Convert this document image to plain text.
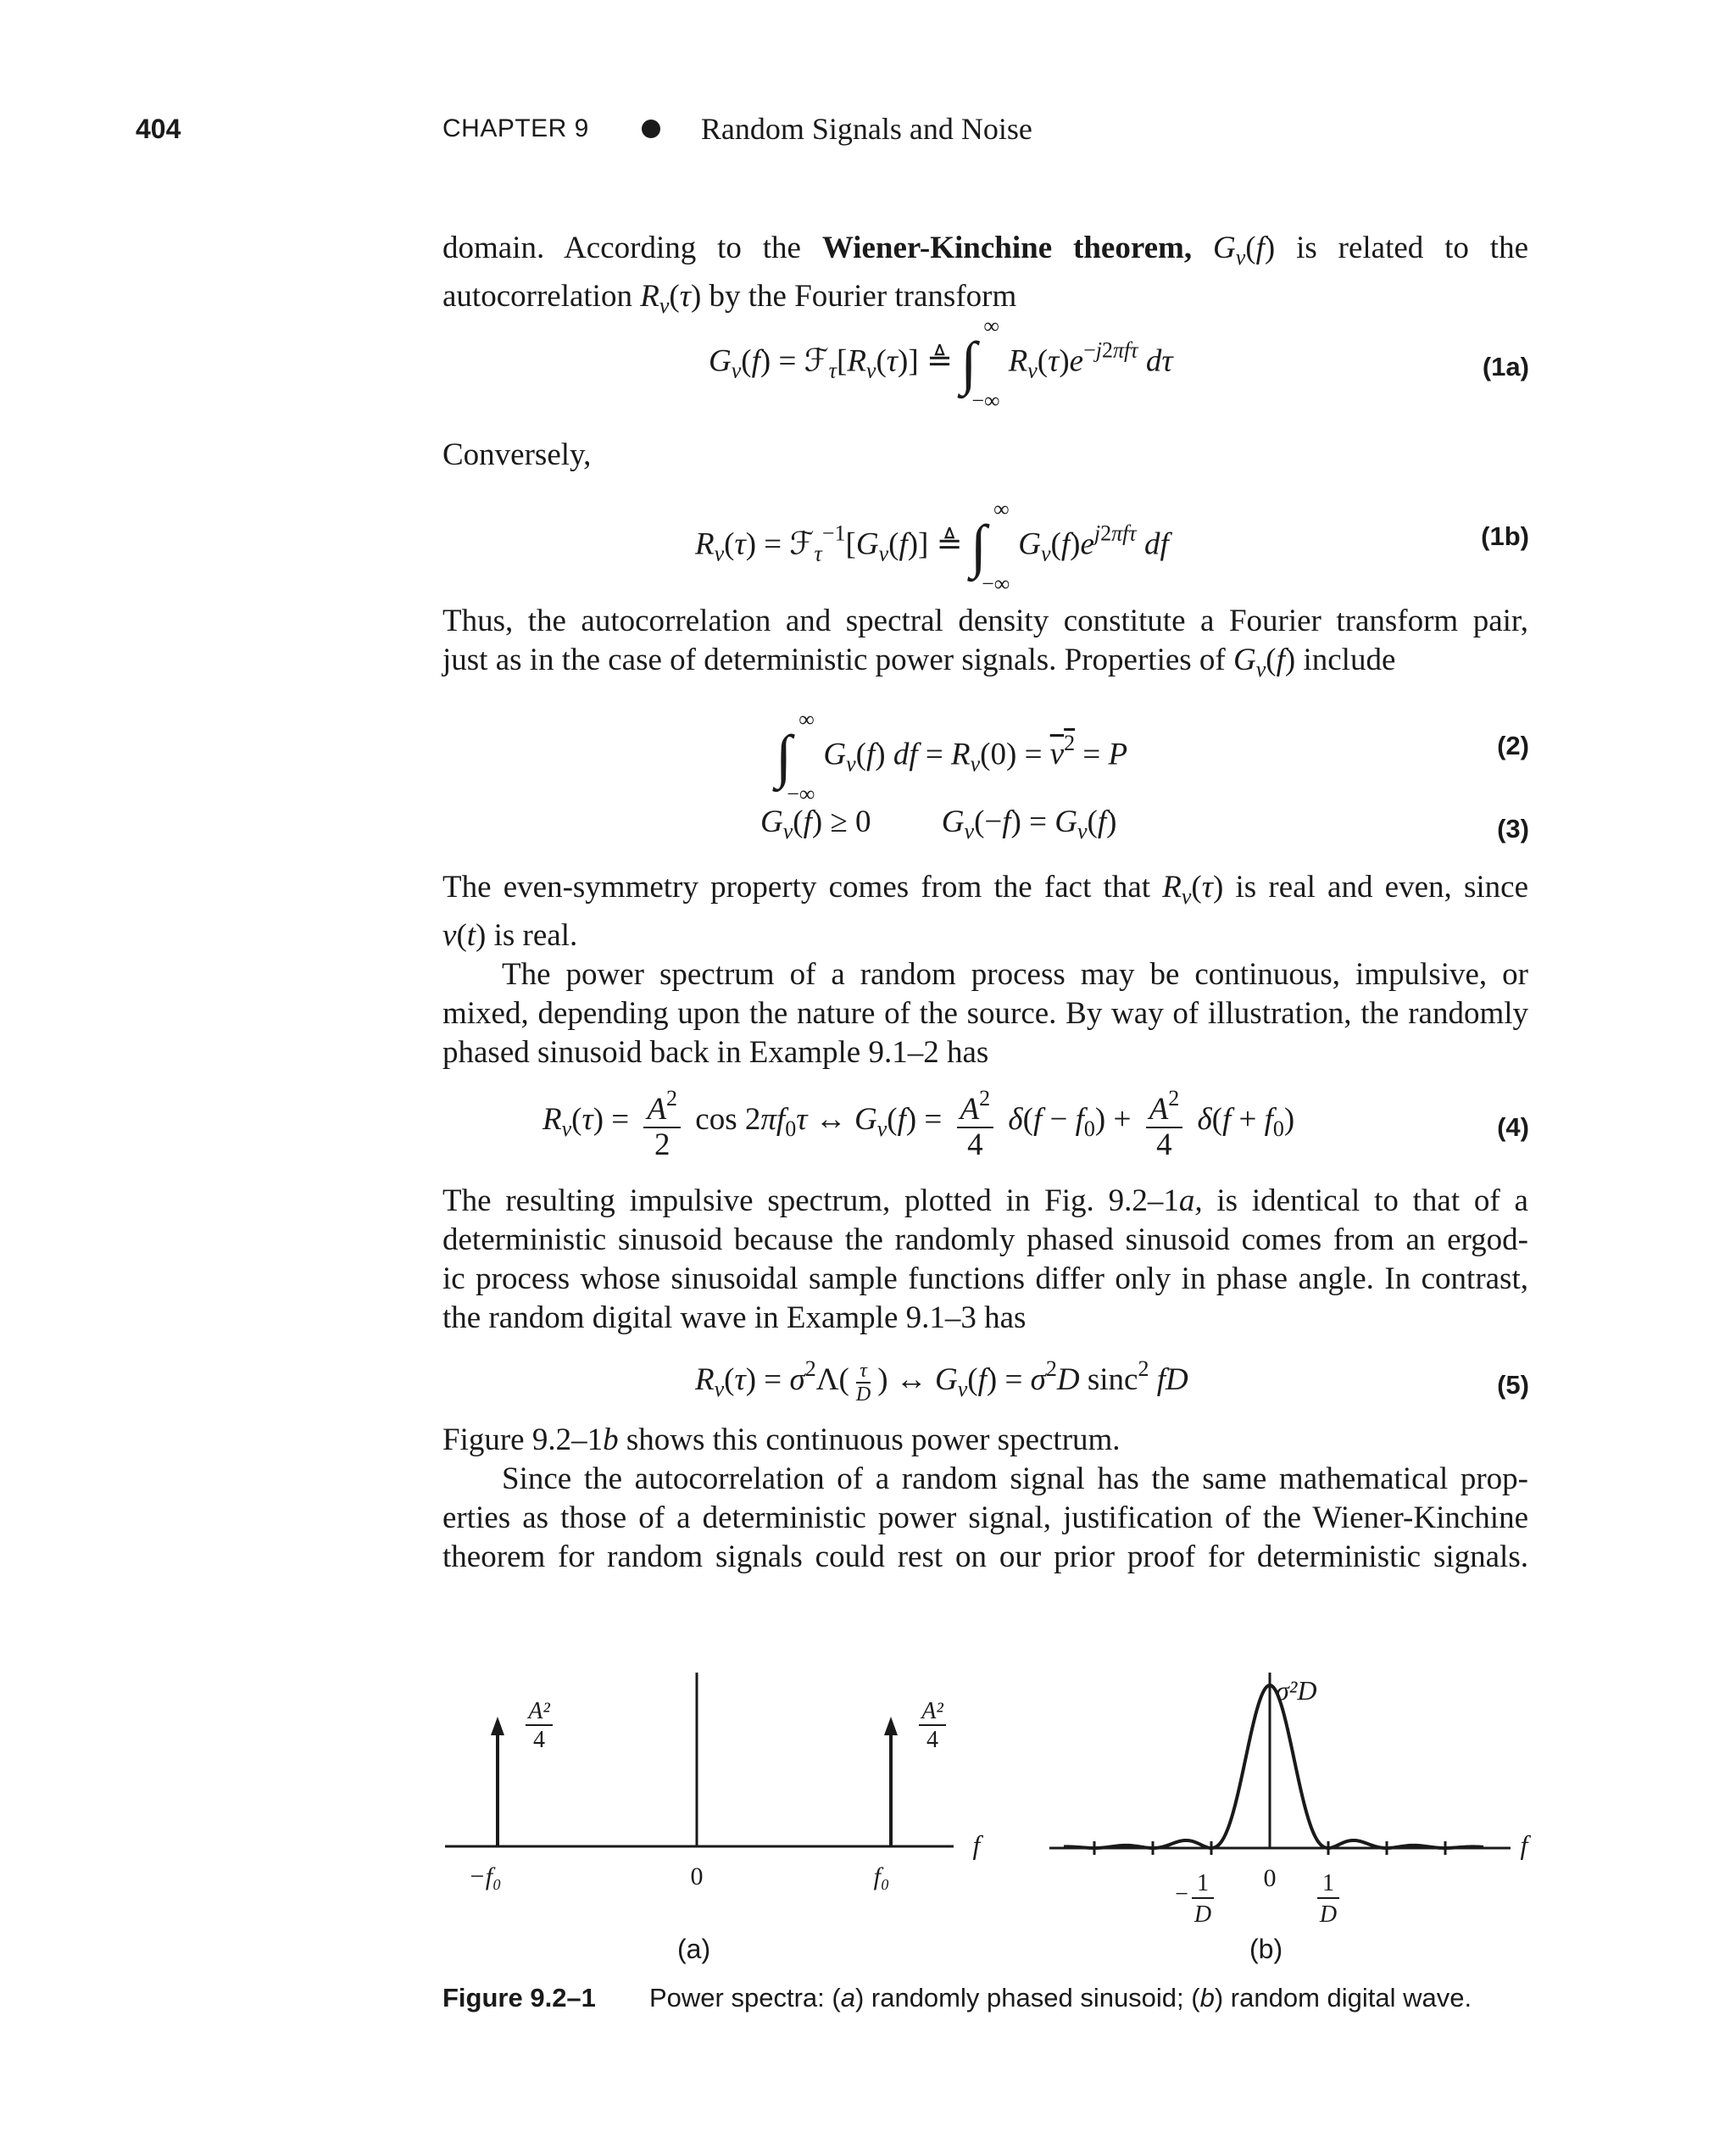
404	CHAPTER 9	Random Signals and Noise
domain. According to the Wiener-Kinchine theorem, $G_v(f)$ is related to the
autocorrelation $R_v(\tau)$ by the Fourier transform
$G_v(f)$ = $ℱ_\tau[R_v(\tau)]$ ≜ ∫
∞
−∞
$R_v(\tau)e^{-j2\pi f\tau}$ dτ	(1a)
Conversely,
$R_v(\tau)$ = $ℱ_\tau^{-1}[G_v(f)]$ ≜ ∫
∞
−∞
$G_v(f)e^{j2\pi f\tau}$ df	(1b)
Thus, the autocorrelation and spectral density constitute a Fourier transform pair,
just as in the case of deterministic power signals. Properties of $G_v(f)$ include
∫
∞
−∞
$G_v(f)$ df = $R_v(0) = v^2 = P$	(2)
$G_v(f) \ge 0$         $G_v(-f) = G_v(f)$	(3)
The even-symmetry property comes from the fact that $R_v(\tau)$ is real and even, since
v(t) is real.
The power spectrum of a random process may be continuous, impulsive, or
mixed, depending upon the nature of the source. By way of illustration, the randomly
phased sinusoid back in Example 9.1–2 has
$R_v(\tau) = \frac{A^2}{2}$ $\cos 2\pi f_0\tau$ ↔ $G_v(f) = \frac{A^2}{4} \delta(f - f_0) + \frac{A^2}{4} \delta(f + f_0)$	(4)
The resulting impulsive spectrum, plotted in Fig. 9.2–1a, is identical to that of a
deterministic sinusoid because the randomly phased sinusoid comes from an ergod-
ic process whose sinusoidal sample functions differ only in phase angle. In contrast,
the random digital wave in Example 9.1–3 has
$R_v(\tau) = \sigma^2\Lambda( \frac{\tau}{D}$ ) ↔ $G_v(f) = \sigma^2D$ sinc$^2$ fD	(5)
Figure 9.2–1b shows this continuous power spectrum.
Since the autocorrelation of a random signal has the same mathematical prop-
erties as those of a deterministic power signal, justification of the Wiener-Kinchine
theorem for random signals could rest on our prior proof for deterministic signals.
A²
4
A²
4
−f₀	0	f₀
f
σ²D
0
− 1
D
1
D
f
(a)	(b)
Figure 9.2–1	Power spectra: (a) randomly phased sinusoid; (b) random digital wave.
